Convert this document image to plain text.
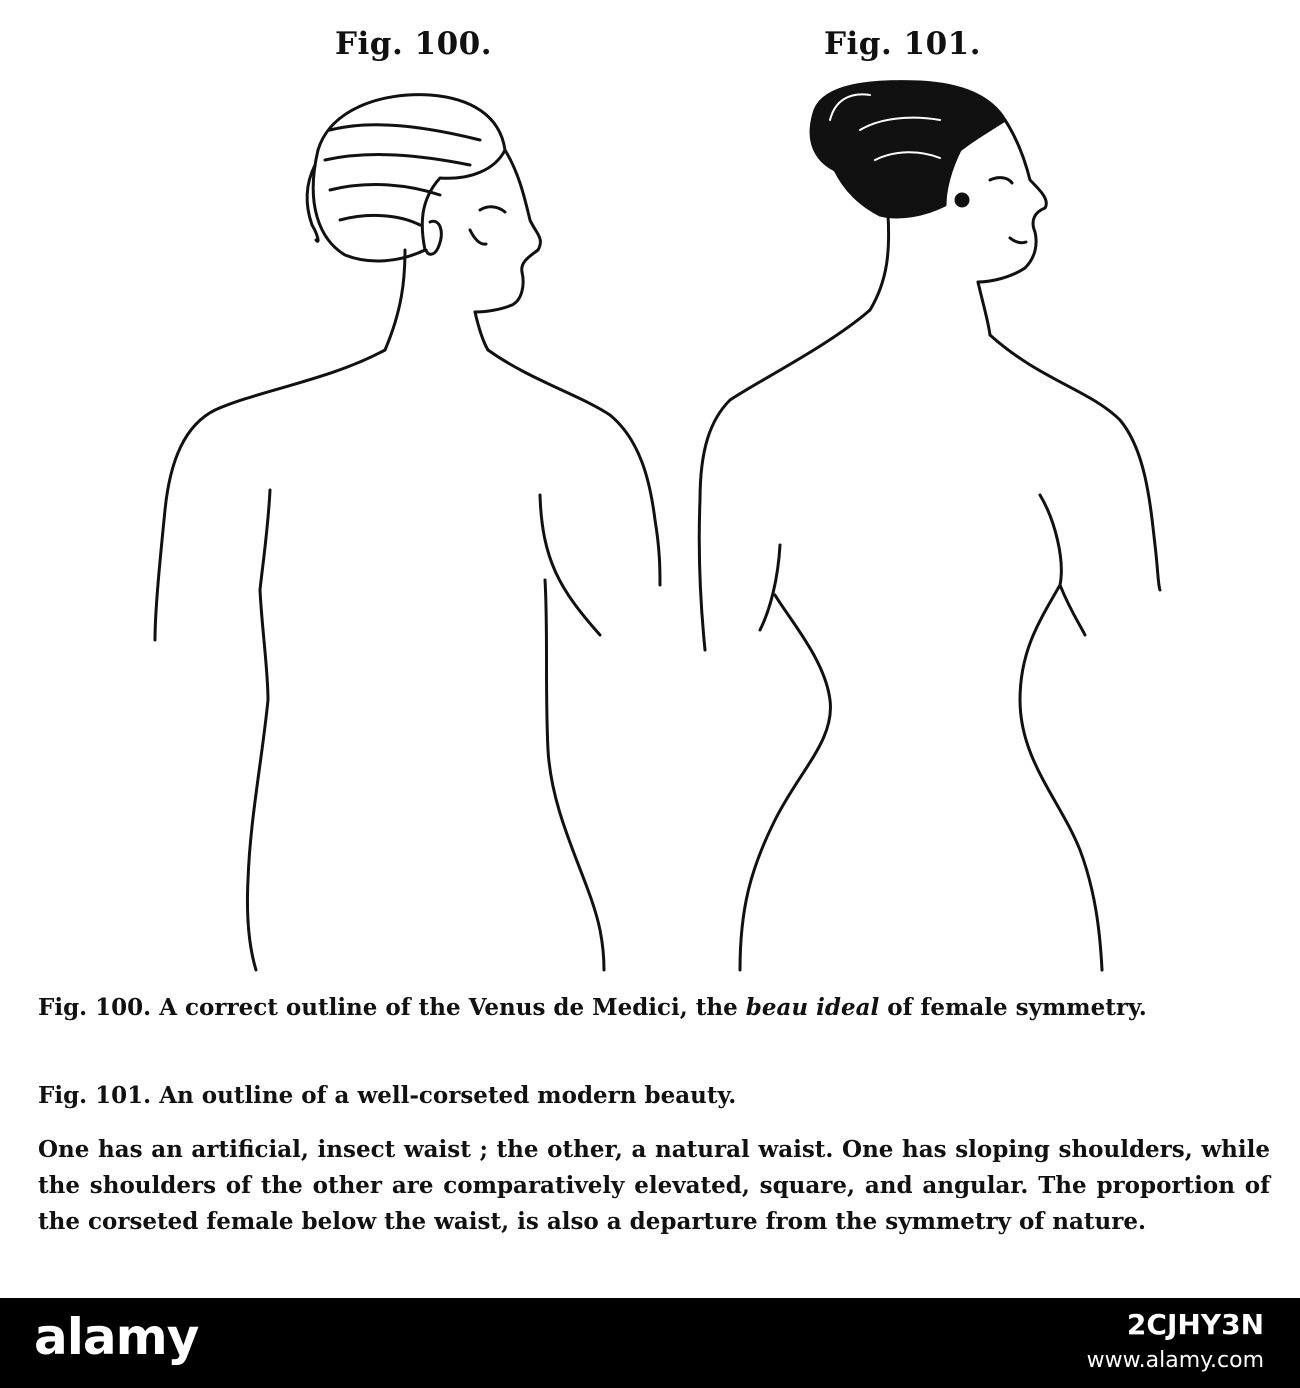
Fig. 100.	Fig. 101.
Fig. 100. A correct outline of the Venus de Medici, the beau ideal of female symmetry.
Fig. 101. An outline of a well-corseted modern beauty.
One has an artificial, insect waist ; the other, a natural waist. One has sloping shoulders, while the shoulders of the other are comparatively elevated, square, and angular. The proportion of the corseted female below the waist, is also a departure from the symmetry of nature.
alamy	2CJHY3N
www.alamy.com
